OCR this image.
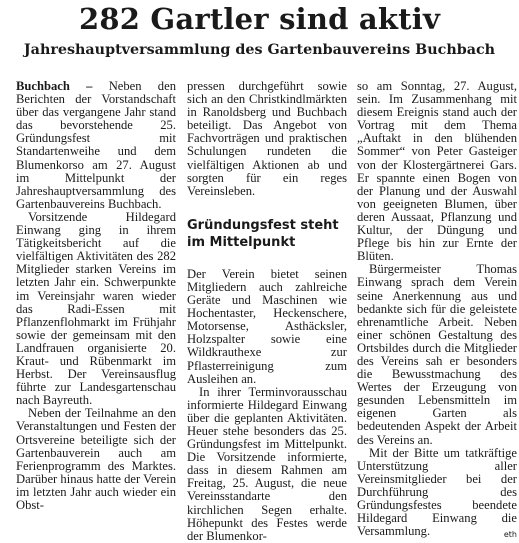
282 Gartler sind aktiv
Jahreshauptversammlung des Gartenbauvereins Buchbach

Buchbach – Neben den Berichten der Vorstandschaft über das vergangene Jahr stand das bevorstehende 25. Gründungsfest mit Standartenweihe und dem Blumenkorso am 27. August im Mittelpunkt der Jahreshauptversammlung des Gartenbauvereins Buchbach.

Vorsitzende Hildegard Einwang ging in ihrem Tätigkeitsbericht auf die vielfältigen Aktivitäten des 282 Mitglieder starken Vereins im letzten Jahr ein. Schwerpunkte im Vereinsjahr waren wieder das Radi-Essen mit Pflanzenflohmarkt im Frühjahr sowie der gemeinsam mit den Landfrauen organisierte 20. Kraut- und Rübenmarkt im Herbst. Der Vereinsausflug führte zur Landesgartenschau nach Bayreuth.

Neben der Teilnahme an den Veranstaltungen und Festen der Ortsvereine beteiligte sich der Gartenbauverein auch am Ferienprogramm des Marktes. Darüber hinaus hatte der Verein im letzten Jahr auch wieder ein Obst-

pressen durchgeführt sowie sich an den Christkindlmärkten in Ranoldsberg und Buchbach beteiligt. Das Angebot von Fachvorträgen und praktischen Schulungen rundeten die vielfältigen Aktionen ab und sorgten für ein reges Vereinsleben.

Gründungsfest steht im Mittelpunkt

Der Verein bietet seinen Mitgliedern auch zahlreiche Geräte und Maschinen wie Hochentaster, Heckenschere, Motorsense, Asthäcksler, Holzspalter sowie eine Wildkrauthexe zur Pflasterreinigung zum Ausleihen an.

In ihrer Terminvorausschau informierte Hildegard Einwang über die geplanten Aktivitäten. Heuer stehe besonders das 25. Gründungsfest im Mittelpunkt. Die Vorsitzende informierte, dass in diesem Rahmen am Freitag, 25. August, die neue Vereinsstandarte den kirchlichen Segen erhalte. Höhepunkt des Festes werde der Blumenkor-

so am Sonntag, 27. August, sein. Im Zusammenhang mit diesem Ereignis stand auch der Vortrag mit dem Thema „Auftakt in den blühenden Sommer“ von Peter Gasteiger von der Klostergärtnerei Gars. Er spannte einen Bogen von der Planung und der Auswahl von geeigneten Blumen, über deren Aussaat, Pflanzung und Kultur, der Düngung und Pflege bis hin zur Ernte der Blüten.

Bürgermeister Thomas Einwang sprach dem Verein seine Anerkennung aus und bedankte sich für die geleistete ehrenamtliche Arbeit. Neben einer schönen Gestaltung des Ortsbildes durch die Mitglieder des Vereins sah er besonders die Bewusstmachung des Wertes der Erzeugung von gesunden Lebensmitteln im eigenen Garten als bedeutenden Aspekt der Arbeit des Vereins an.

Mit der Bitte um tatkräftige Unterstützung aller Vereinsmitglieder bei der Durchführung des Gründungsfestes beendete Hildegard Einwang die Versammlung.	eth
